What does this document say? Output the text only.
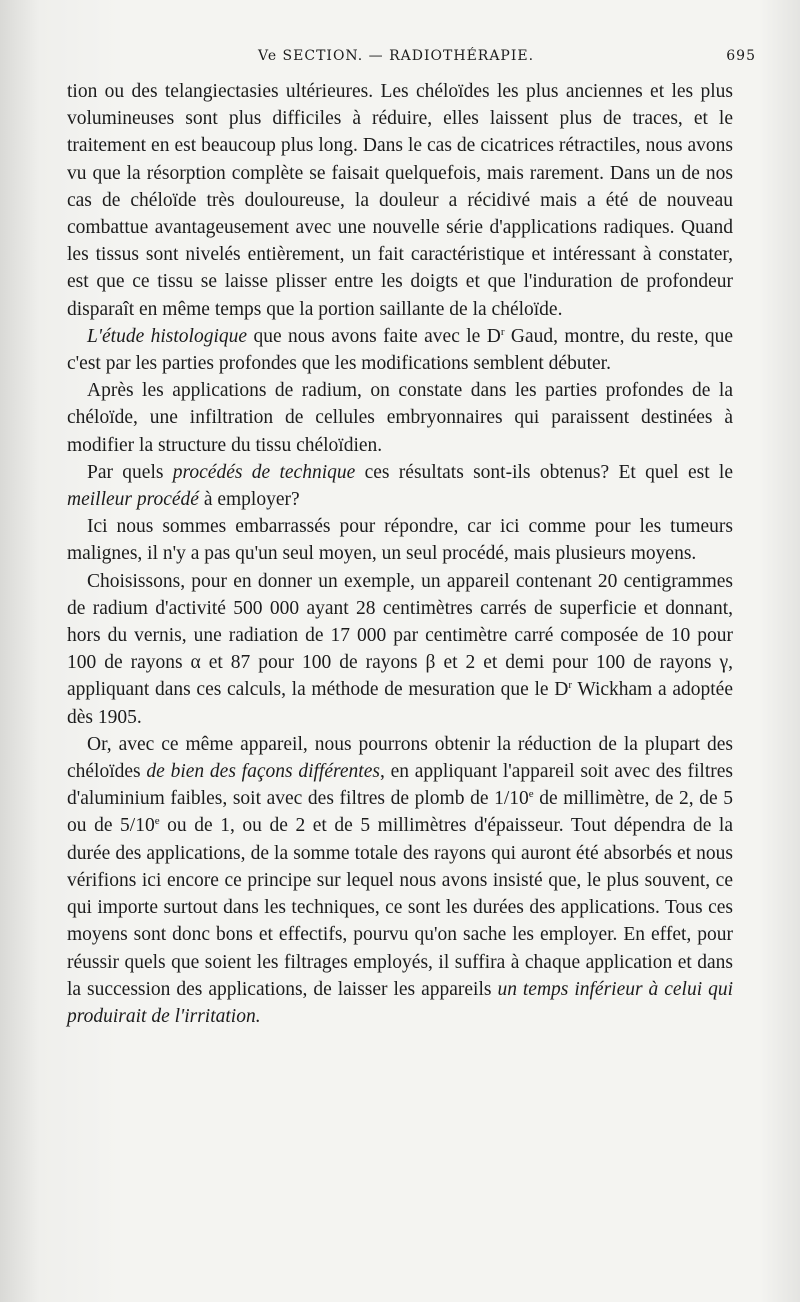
Ve SECTION. — RADIOTHÉRAPIE.	695

tion ou des telangiectasies ultérieures. Les chéloïdes les plus anciennes et les plus volumineuses sont plus difficiles à réduire, elles laissent plus de traces, et le traitement en est beaucoup plus long. Dans le cas de cicatrices rétractiles, nous avons vu que la résorption complète se faisait quelquefois, mais rarement. Dans un de nos cas de chéloïde très douloureuse, la douleur a récidivé mais a été de nouveau combattue avantageusement avec une nouvelle série d'applications radiques. Quand les tissus sont nivelés entièrement, un fait caractéristique et intéressant à constater, est que ce tissu se laisse plisser entre les doigts et que l'induration de profondeur disparaît en même temps que la portion saillante de la chéloïde.

L'étude histologique que nous avons faite avec le $D^r$ Gaud, montre, du reste, que c'est par les parties profondes que les modifications semblent débuter.

Après les applications de radium, on constate dans les parties profondes de la chéloïde, une infiltration de cellules embryonnaires qui paraissent destinées à modifier la structure du tissu chéloïdien.

Par quels procédés de technique ces résultats sont-ils obtenus? Et quel est le meilleur procédé à employer?

Ici nous sommes embarrassés pour répondre, car ici comme pour les tumeurs malignes, il n'y a pas qu'un seul moyen, un seul procédé, mais plusieurs moyens.

Choisissons, pour en donner un exemple, un appareil contenant 20 centigrammes de radium d'activité 500 000 ayant 28 centimètres carrés de superficie et donnant, hors du vernis, une radiation de 17 000 par centimètre carré composée de 10 pour 100 de rayons α et 87 pour 100 de rayons β et 2 et demi pour 100 de rayons γ, appliquant dans ces calculs, la méthode de mesuration que le $D^r$ Wickham a adoptée dès 1905.

Or, avec ce même appareil, nous pourrons obtenir la réduction de la plupart des chéloïdes de bien des façons différentes, en appliquant l'appareil soit avec des filtres d'aluminium faibles, soit avec des filtres de plomb de 1/10e de millimètre, de 2, de 5 ou de 5/10e ou de 1, ou de 2 et de 5 millimètres d'épaisseur. Tout dépendra de la durée des applications, de la somme totale des rayons qui auront été absorbés et nous vérifions ici encore ce principe sur lequel nous avons insisté que, le plus souvent, ce qui importe surtout dans les techniques, ce sont les durées des applications. Tous ces moyens sont donc bons et effectifs, pourvu qu'on sache les employer. En effet, pour réussir quels que soient les filtrages employés, il suffira à chaque application et dans la succession des applications, de laisser les appareils un temps inférieur à celui qui produirait de l'irritation.
